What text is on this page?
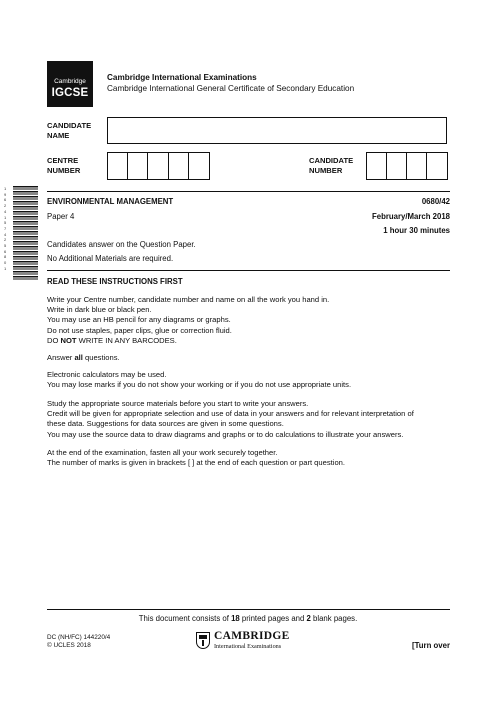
Cambridge
IGCSE
Cambridge International Examinations
Cambridge International General Certificate of Secondary Education
CANDIDATE
NAME
CENTRE
NUMBER
CANDIDATE
NUMBER
1
9
6
2
4
1
5
7
4
2
5
6
8
0
1
ENVIRONMENTAL MANAGEMENT	0680/42
Paper 4	February/March 2018
1 hour 30 minutes
Candidates answer on the Question Paper.
No Additional Materials are required.
READ THESE INSTRUCTIONS FIRST
Write your Centre number, candidate number and name on all the work you hand in.
Write in dark blue or black pen.
You may use an HB pencil for any diagrams or graphs.
Do not use staples, paper clips, glue or correction fluid.
DO NOT WRITE IN ANY BARCODES.
Answer all questions.
Electronic calculators may be used.
You may lose marks if you do not show your working or if you do not use appropriate units.
Study the appropriate source materials before you start to write your answers.
Credit will be given for appropriate selection and use of data in your answers and for relevant interpretation of
these data. Suggestions for data sources are given in some questions.
You may use the source data to draw diagrams and graphs or to do calculations to illustrate your answers.
At the end of the examination, fasten all your work securely together.
The number of marks is given in brackets [ ] at the end of each question or part question.
This document consists of 18 printed pages and 2 blank pages.
DC (NH/FC) 144220/4
© UCLES 2018
CAMBRIDGE
International Examinations	[Turn over
